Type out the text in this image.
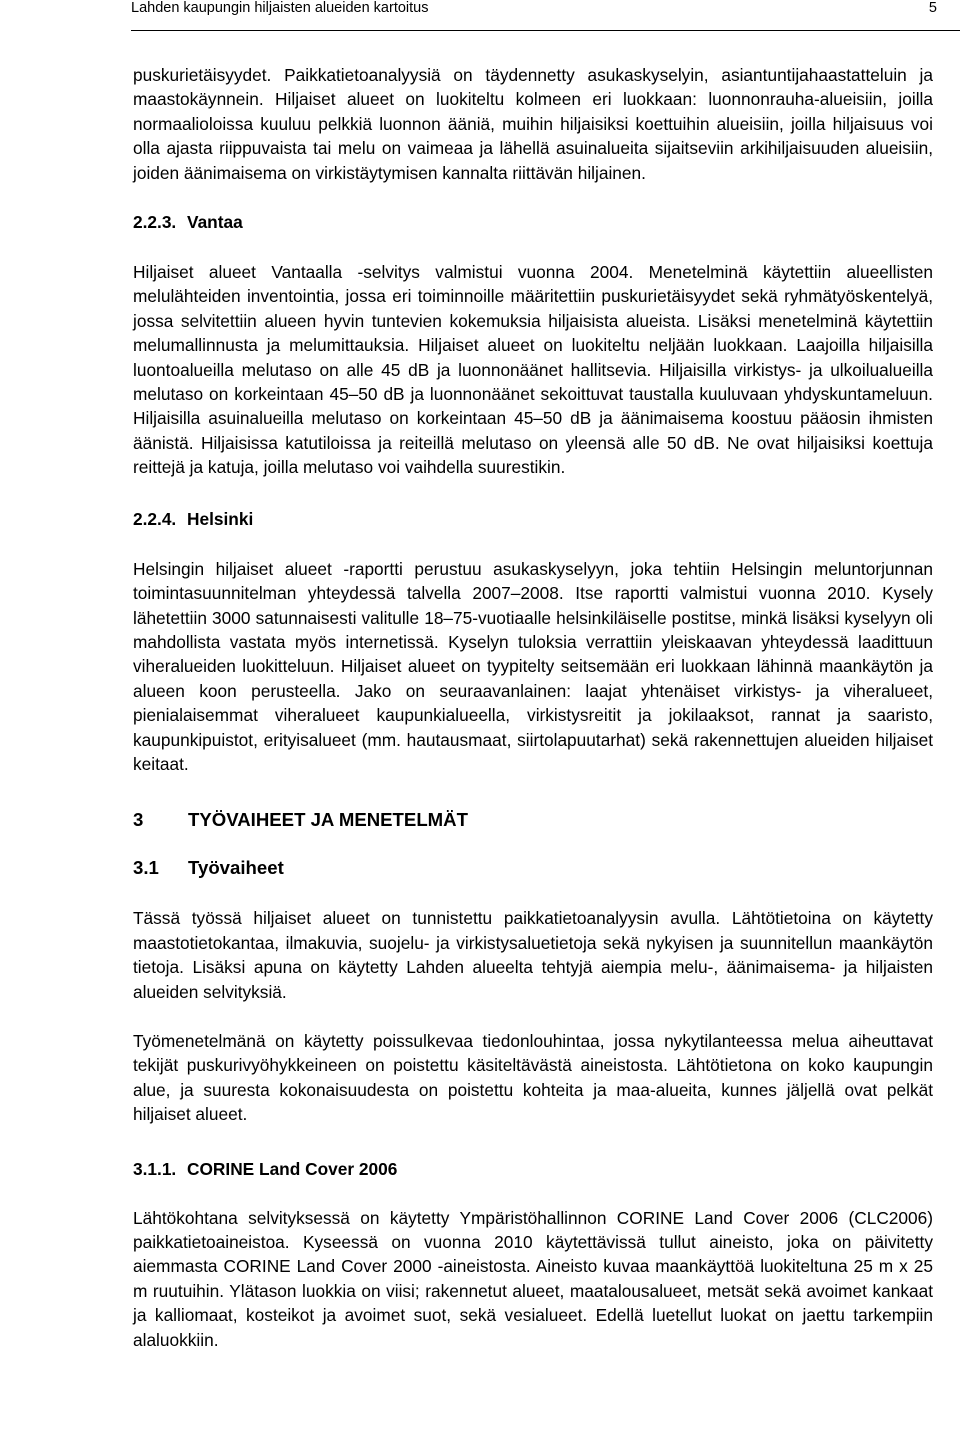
Lahden kaupungin hiljaisten alueiden kartoitus	5

puskurietäisyydet. Paikkatietoanalyysiä on täydennetty asukaskyselyin, asiantuntijahaastatteluin ja maastokäynnein. Hiljaiset alueet on luokiteltu kolmeen eri luokkaan: luonnonrauha-alueisiin, joilla normaalioloissa kuuluu pelkkiä luonnon ääniä, muihin hiljaisiksi koettuihin alueisiin, joilla hiljaisuus voi olla ajasta riippuvaista tai melu on vaimeaa ja lähellä asuinalueita sijaitseviin arkihiljaisuuden alueisiin, joiden äänimaisema on virkistäytymisen kannalta riittävän hiljainen.

2.2.3. Vantaa

Hiljaiset alueet Vantaalla -selvitys valmistui vuonna 2004. Menetelminä käytettiin alueellisten melulähteiden inventointia, jossa eri toiminnoille määritettiin puskurietäisyydet sekä ryhmätyöskentelyä, jossa selvitettiin alueen hyvin tuntevien kokemuksia hiljaisista alueista. Lisäksi menetelminä käytettiin melumallinnusta ja melumittauksia. Hiljaiset alueet on luokiteltu neljään luokkaan. Laajoilla hiljaisilla luontoalueilla melutaso on alle 45 dB ja luonnonäänet hallitsevia. Hiljaisilla virkistys- ja ulkoilualueilla melutaso on korkeintaan 45–50 dB ja luonnonäänet sekoittuvat taustalla kuuluvaan yhdyskuntameluun. Hiljaisilla asuinalueilla melutaso on korkeintaan 45–50 dB ja äänimaisema koostuu pääosin ihmisten äänistä. Hiljaisissa katutiloissa ja reiteillä melutaso on yleensä alle 50 dB. Ne ovat hiljaisiksi koettuja reittejä ja katuja, joilla melutaso voi vaihdella suurestikin.

2.2.4. Helsinki

Helsingin hiljaiset alueet -raportti perustuu asukaskyselyyn, joka tehtiin Helsingin meluntorjunnan toimintasuunnitelman yhteydessä talvella 2007–2008. Itse raportti valmistui vuonna 2010. Kysely lähetettiin 3000 satunnaisesti valitulle 18–75-vuotiaalle helsinkiläiselle postitse, minkä lisäksi kyselyyn oli mahdollista vastata myös internetissä. Kyselyn tuloksia verrattiin yleiskaavan yhteydessä laadittuun viheralueiden luokitteluun. Hiljaiset alueet on tyypitelty seitsemään eri luokkaan lähinnä maankäytön ja alueen koon perusteella. Jako on seuraavanlainen: laajat yhtenäiset virkistys- ja viheralueet, pienialaisemmat viheralueet kaupunkialueella, virkistysreitit ja jokilaaksot, rannat ja saaristo, kaupunkipuistot, erityisalueet (mm. hautausmaat, siirtolapuutarhat) sekä rakennettujen alueiden hiljaiset keitaat.

3 TYÖVAIHEET JA MENETELMÄT
3.1 Työvaiheet

Tässä työssä hiljaiset alueet on tunnistettu paikkatietoanalyysin avulla. Lähtötietoina on käytetty maastotietokantaa, ilmakuvia, suojelu- ja virkistysaluetietoja sekä nykyisen ja suunnitellun maankäytön tietoja. Lisäksi apuna on käytetty Lahden alueelta tehtyjä aiempia melu-, äänimaisema- ja hiljaisten alueiden selvityksiä.

Työmenetelmänä on käytetty poissulkevaa tiedonlouhintaa, jossa nykytilanteessa melua aiheuttavat tekijät puskurivyöhykkeineen on poistettu käsiteltävästä aineistosta. Lähtötietona on koko kaupungin alue, ja suuresta kokonaisuudesta on poistettu kohteita ja maa-alueita, kunnes jäljellä ovat pelkät hiljaiset alueet.

3.1.1. CORINE Land Cover 2006

Lähtökohtana selvityksessä on käytetty Ympäristöhallinnon CORINE Land Cover 2006 (CLC2006) paikkatietoaineistoa. Kyseessä on vuonna 2010 käytettävissä tullut aineisto, joka on päivitetty aiemmasta CORINE Land Cover 2000 -aineistosta. Aineisto kuvaa maankäyttöä luokiteltuna 25 m x 25 m ruutuihin. Ylätason luokkia on viisi; rakennetut alueet, maatalousalueet, metsät sekä avoimet kankaat ja kalliomaat, kosteikot ja avoimet suot, sekä vesialueet. Edellä luetellut luokat on jaettu tarkempiin alaluokkiin.
